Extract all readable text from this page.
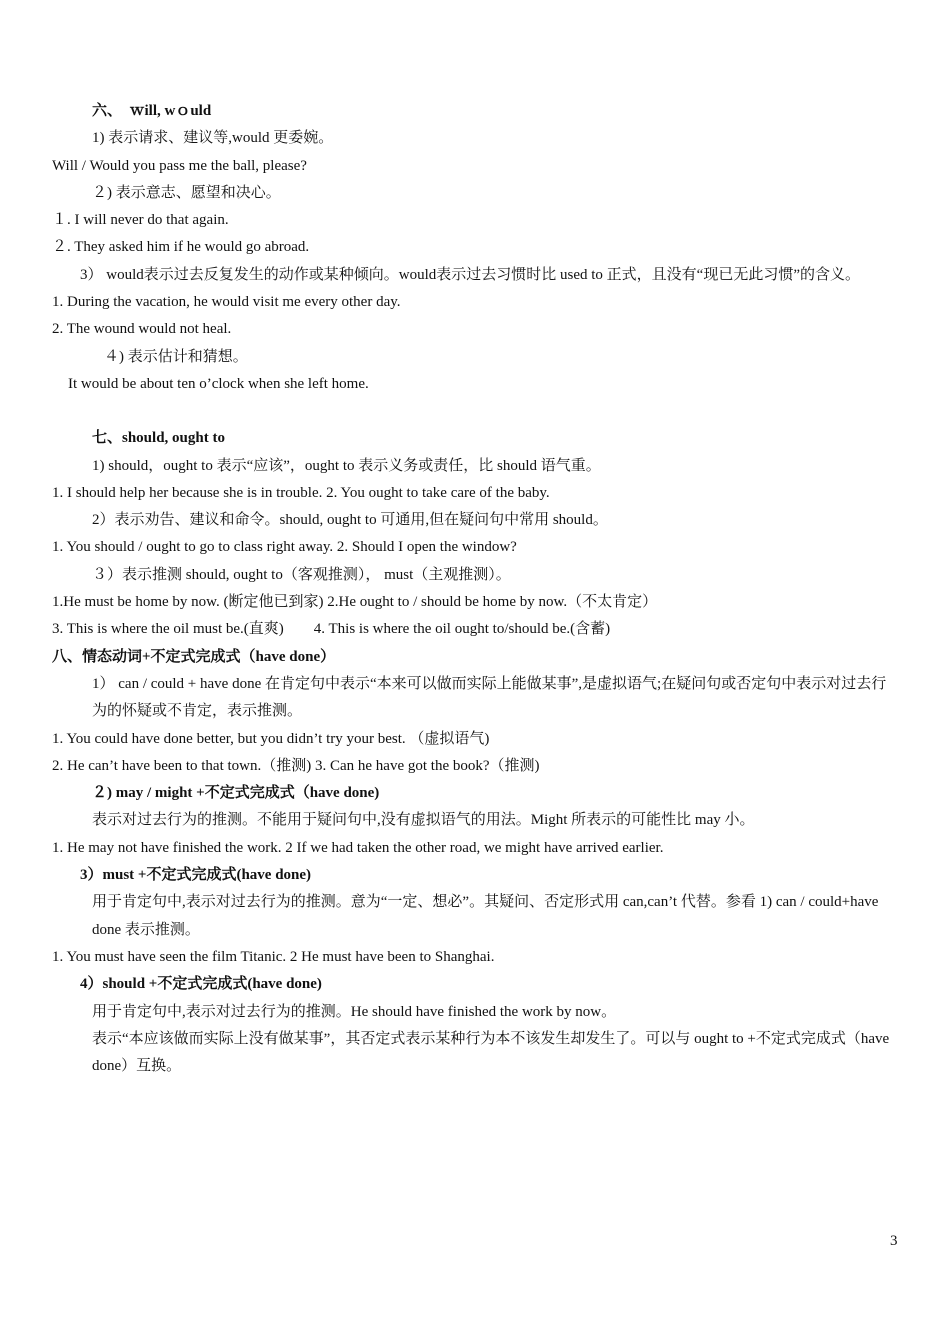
六、　ｗill, wｏuld
1) 表示请求、建议等,would 更委婉。
Will / Would you pass me the ball, please?
２) 表示意志、愿望和决心。
１. I will never do that again.
２. They asked him if he would go abroad.
3） would表示过去反复发生的动作或某种倾向。would表示过去习惯时比 used to 正式，且没有“现已无此习惯”的含义。
1. During the vacation, he would visit me every other day.
2. The wound would not heal.
４) 表示估计和猜想。
It would be about ten o’clock when she left home.
七、should, ought to
1) should，ought to 表示“应该”，ought to 表示义务或责任，比 should 语气重。
1. I should help her because she is in trouble. 2. You ought to take care of the baby.
2）表示劝告、建议和命令。should, ought to 可通用,但在疑问句中常用 should。
1. You should / ought to go to class right away. 2. Should I open the window?
３）表示推测 should, ought to（客观推测）， must（主观推测）。
1.He must be home by now. (断定他已到家) 2.He ought to / should be home by now.（不太肯定）
3. This is where the oil must be.(直爽)　　4. This is where the oil ought to/should be.(含蓄)
八、情态动词+不定式完成式（have done）
1） can / could + have done 在肯定句中表示“本来可以做而实际上能做某事”,是虚拟语气;在疑问句或否定句中表示对过去行为的怀疑或不肯定，表示推测。
1. You could have done better, but you didn’t try your best. （虚拟语气)
2. He can’t have been to that town.（推测) 3. Can he have got the book?（推测)
２) may / might +不定式完成式（have done)
表示对过去行为的推测。不能用于疑问句中,没有虚拟语气的用法。Might 所表示的可能性比 may 小。
1. He may not have finished the work. 2 If we had taken the other road, we might have arrived earlier.
3）must +不定式完成式(have done)
用于肯定句中,表示对过去行为的推测。意为“一定、想必”。其疑问、否定形式用 can,can’t 代替。参看 1) can / could+have done 表示推测。
1. You must have seen the film Titanic. 2 He must have been to Shanghai.
4）should +不定式完成式(have done)
用于肯定句中,表示对过去行为的推测。He should have finished the work by now。
表示“本应该做而实际上没有做某事”，其否定式表示某种行为本不该发生却发生了。可以与 ought to +不定式完成式（have done）互换。
3
